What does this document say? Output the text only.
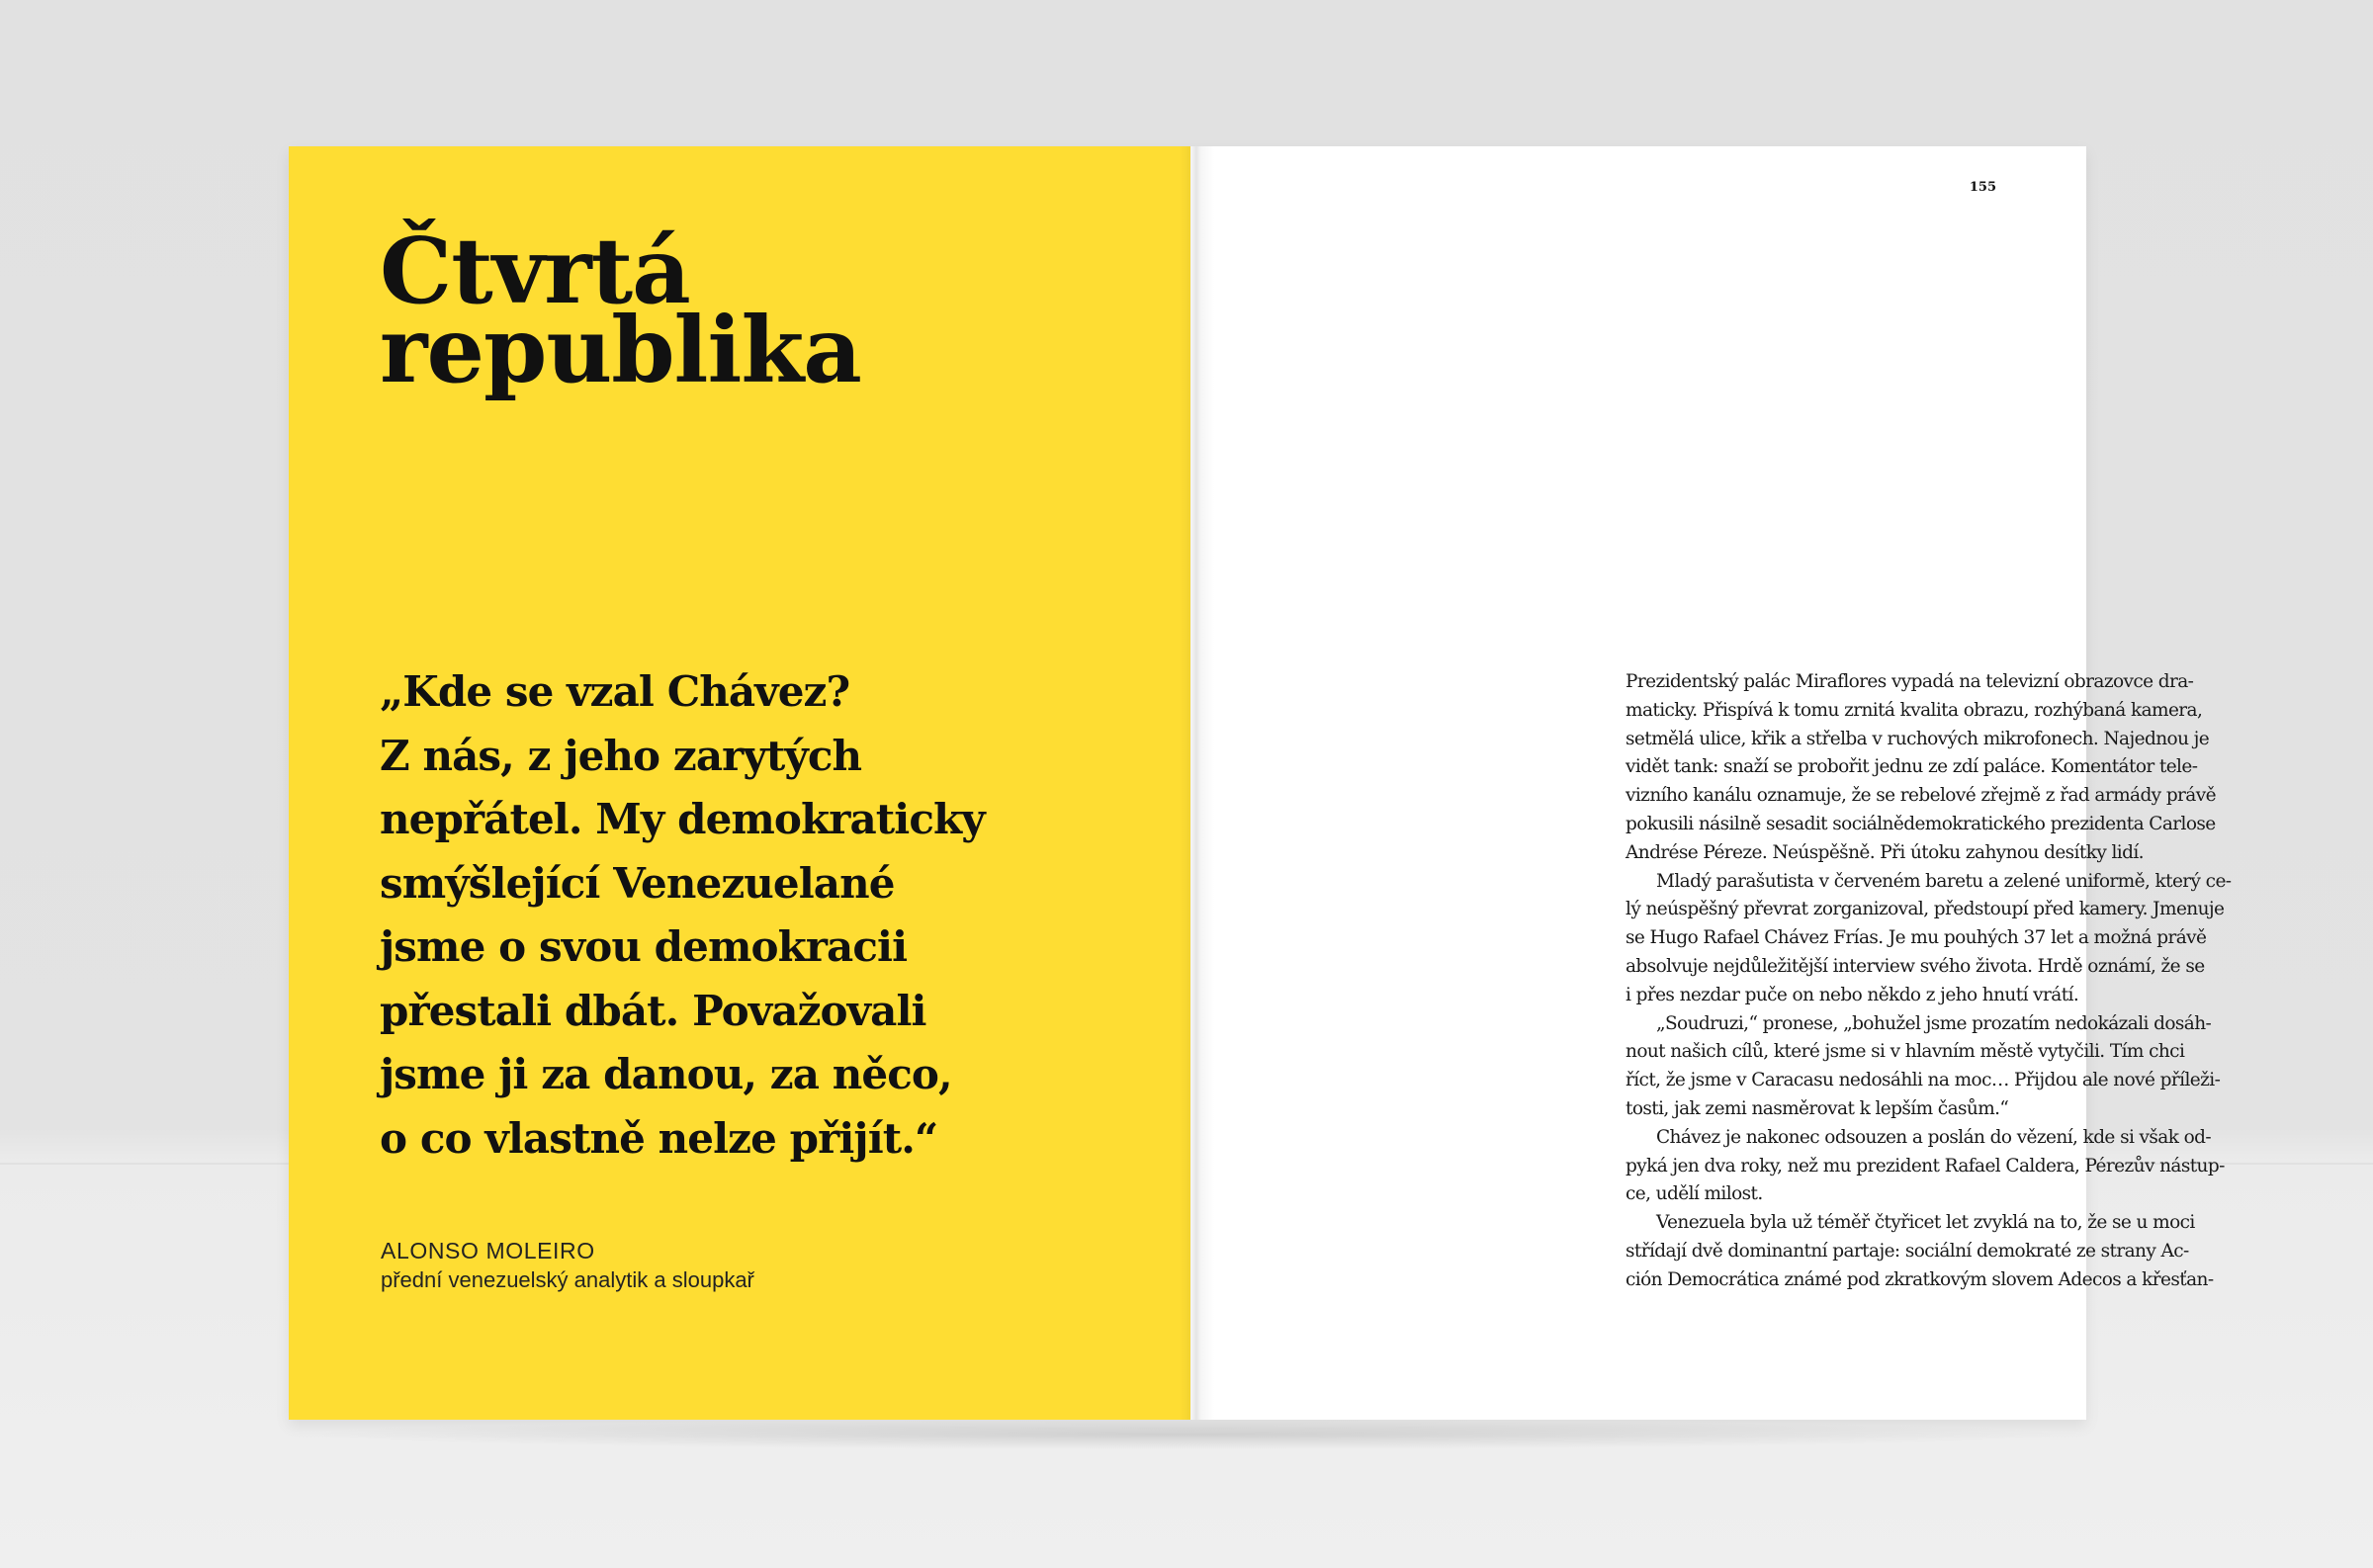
Čtvrtá
republika
„Kde se vzal Chávez?
Z nás, z jeho zarytých
nepřátel. My demokraticky
smýšlející Venezuelané
jsme o svou demokracii
přestali dbát. Považovali
jsme ji za danou, za něco,
o co vlastně nelze přijít.“
ALONSO MOLEIRO
přední venezuelský analytik a sloupkař
155
Prezidentský palác Miraflores vypadá na televizní obrazovce dra-
maticky. Přispívá k tomu zrnitá kvalita obrazu, rozhýbaná kamera,
setmělá ulice, křik a střelba v ruchových mikrofonech. Najednou je
vidět tank: snaží se probořit jednu ze zdí paláce. Komentátor tele-
vizního kanálu oznamuje, že se rebelové zřejmě z řad armády právě
pokusili násilně sesadit sociálnědemokratického prezidenta Carlose
Andrése Péreze. Neúspěšně. Při útoku zahynou desítky lidí.
Mladý parašutista v červeném baretu a zelené uniformě, který ce-
lý neúspěšný převrat zorganizoval, předstoupí před kamery. Jmenuje
se Hugo Rafael Chávez Frías. Je mu pouhých 37 let a možná právě
absolvuje nejdůležitější interview svého života. Hrdě oznámí, že se
i přes nezdar puče on nebo někdo z jeho hnutí vrátí.
„Soudruzi,“ pronese, „bohužel jsme prozatím nedokázali dosáh-
nout našich cílů, které jsme si v hlavním městě vytyčili. Tím chci
říct, že jsme v Caracasu nedosáhli na moc… Přijdou ale nové příleži-
tosti, jak zemi nasměrovat k lepším časům.“
Chávez je nakonec odsouzen a poslán do vězení, kde si však od-
pyká jen dva roky, než mu prezident Rafael Caldera, Pérezův nástup-
ce, udělí milost.
Venezuela byla už téměř čtyřicet let zvyklá na to, že se u moci
střídají dvě dominantní partaje: sociální demokraté ze strany Ac-
ción Democrática známé pod zkratkovým slovem Adecos a křesťan-
